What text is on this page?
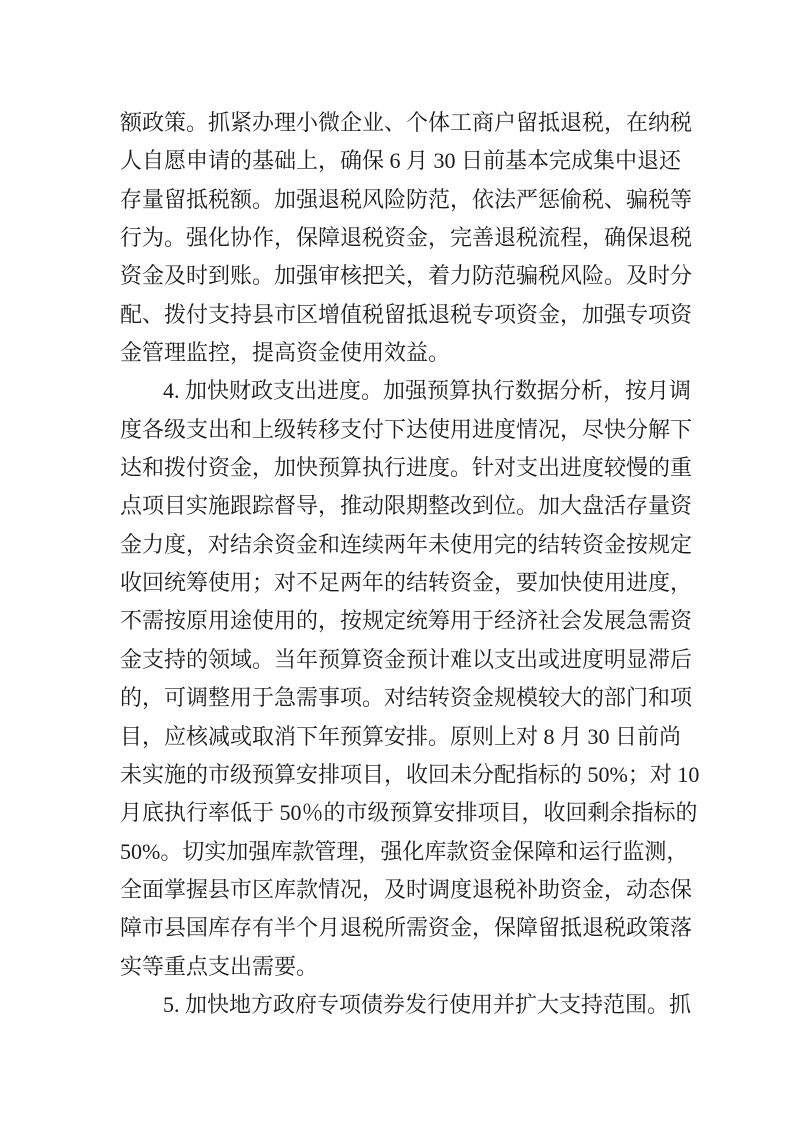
额政策。抓紧办理小微企业、个体工商户留抵退税，在纳税
人自愿申请的基础上，确保 6 月 30 日前基本完成集中退还
存量留抵税额。加强退税风险防范，依法严惩偷税、骗税等
行为。强化协作，保障退税资金，完善退税流程，确保退税
资金及时到账。加强审核把关，着力防范骗税风险。及时分
配、拨付支持县市区增值税留抵退税专项资金，加强专项资
金管理监控，提高资金使用效益。
4. 加快财政支出进度。加强预算执行数据分析，按月调
度各级支出和上级转移支付下达使用进度情况，尽快分解下
达和拨付资金，加快预算执行进度。针对支出进度较慢的重
点项目实施跟踪督导，推动限期整改到位。加大盘活存量资
金力度，对结余资金和连续两年未使用完的结转资金按规定
收回统筹使用；对不足两年的结转资金，要加快使用进度，
不需按原用途使用的，按规定统筹用于经济社会发展急需资
金支持的领域。当年预算资金预计难以支出或进度明显滞后
的，可调整用于急需事项。对结转资金规模较大的部门和项
目，应核减或取消下年预算安排。原则上对 8 月 30 日前尚
未实施的市级预算安排项目，收回未分配指标的 50%；对 10
月底执行率低于 50％的市级预算安排项目，收回剩余指标的
50%。切实加强库款管理，强化库款资金保障和运行监测，
全面掌握县市区库款情况，及时调度退税补助资金，动态保
障市县国库存有半个月退税所需资金，保障留抵退税政策落
实等重点支出需要。
5. 加快地方政府专项债券发行使用并扩大支持范围。抓
